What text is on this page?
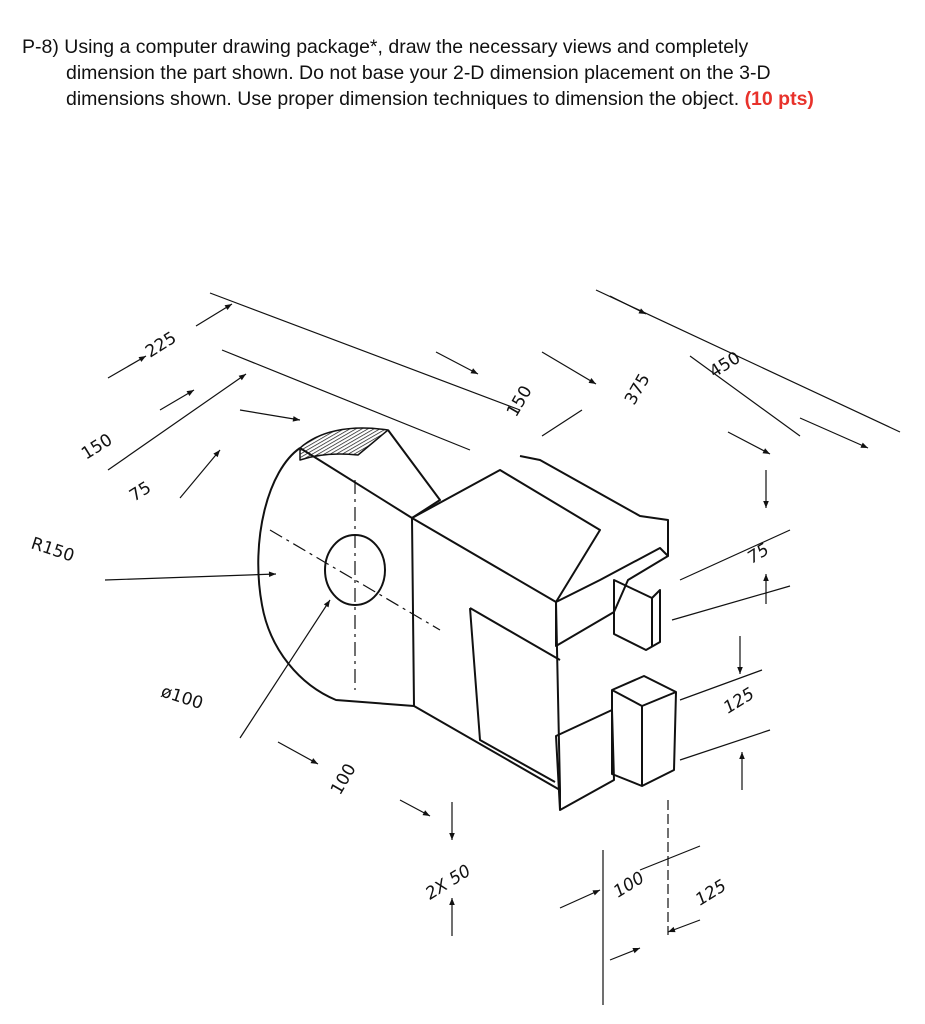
P-8) Using a computer drawing package*, draw the necessary views and completely
dimension the part shown. Do not base your 2-D dimension placement on the 3-D
dimensions shown. Use proper dimension techniques to dimension the object. (10 pts)
225
150
75
R150
ø100
100
150	375
450
75
125
2X 50	100	125
